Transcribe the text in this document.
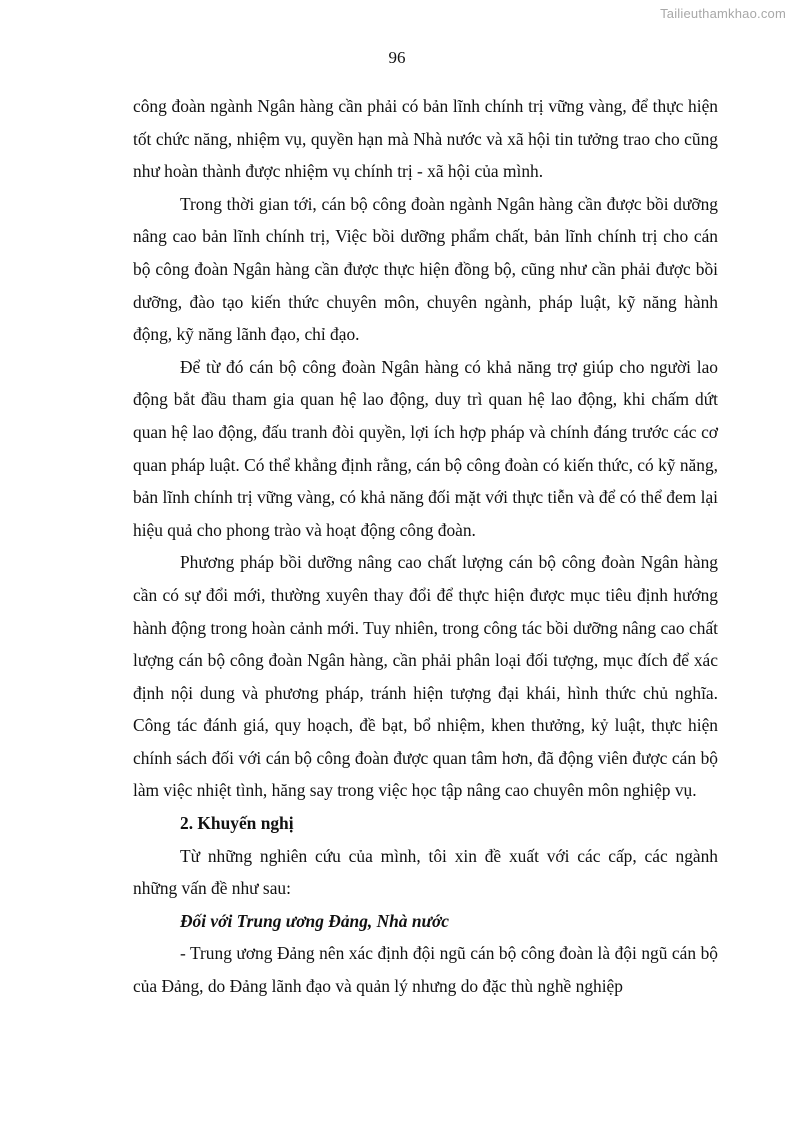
Tailieuthamkhao.com
96

công đoàn ngành Ngân hàng cần phải có bản lĩnh chính trị vững vàng, để thực hiện tốt chức năng, nhiệm vụ, quyền hạn mà Nhà nước và xã hội tin tưởng trao cho cũng như hoàn thành được nhiệm vụ chính trị - xã hội của mình.

Trong thời gian tới, cán bộ công đoàn ngành Ngân hàng cần được bồi dưỡng nâng cao bản lĩnh chính trị, Việc bồi dưỡng phẩm chất, bản lĩnh chính trị cho cán bộ công đoàn Ngân hàng cần được thực hiện đồng bộ, cũng như cần phải được bồi dưỡng, đào tạo kiến thức chuyên môn, chuyên ngành, pháp luật, kỹ năng hành động, kỹ năng lãnh đạo, chỉ đạo.

Để từ đó cán bộ công đoàn Ngân hàng có khả năng trợ giúp cho người lao động bắt đầu tham gia quan hệ lao động, duy trì quan hệ lao động, khi chấm dứt quan hệ lao động, đấu tranh đòi quyền, lợi ích hợp pháp và chính đáng trước các cơ quan pháp luật. Có thể khẳng định rằng, cán bộ công đoàn có kiến thức, có kỹ năng, bản lĩnh chính trị vững vàng, có khả năng đối mặt với thực tiễn và để có thể đem lại hiệu quả cho phong trào và hoạt động công đoàn.

Phương pháp bồi dưỡng nâng cao chất lượng cán bộ công đoàn Ngân hàng cần có sự đổi mới, thường xuyên thay đổi để thực hiện được mục tiêu định hướng hành động trong hoàn cảnh mới. Tuy nhiên, trong công tác bồi dưỡng nâng cao chất lượng cán bộ công đoàn Ngân hàng, cần phải phân loại đối tượng, mục đích để xác định nội dung và phương pháp, tránh hiện tượng đại khái, hình thức chủ nghĩa. Công tác đánh giá, quy hoạch, đề bạt, bổ nhiệm, khen thưởng, kỷ luật, thực hiện chính sách đối với cán bộ công đoàn được quan tâm hơn, đã động viên được cán bộ làm việc nhiệt tình, hăng say trong việc học tập nâng cao chuyên môn nghiệp vụ.

2. Khuyến nghị

Từ những nghiên cứu của mình, tôi xin đề xuất với các cấp, các ngành những vấn đề như sau:

Đối với Trung ương Đảng, Nhà nước

- Trung ương Đảng nên xác định đội ngũ cán bộ công đoàn là đội ngũ cán bộ của Đảng, do Đảng lãnh đạo và quản lý nhưng do đặc thù nghề nghiệp
